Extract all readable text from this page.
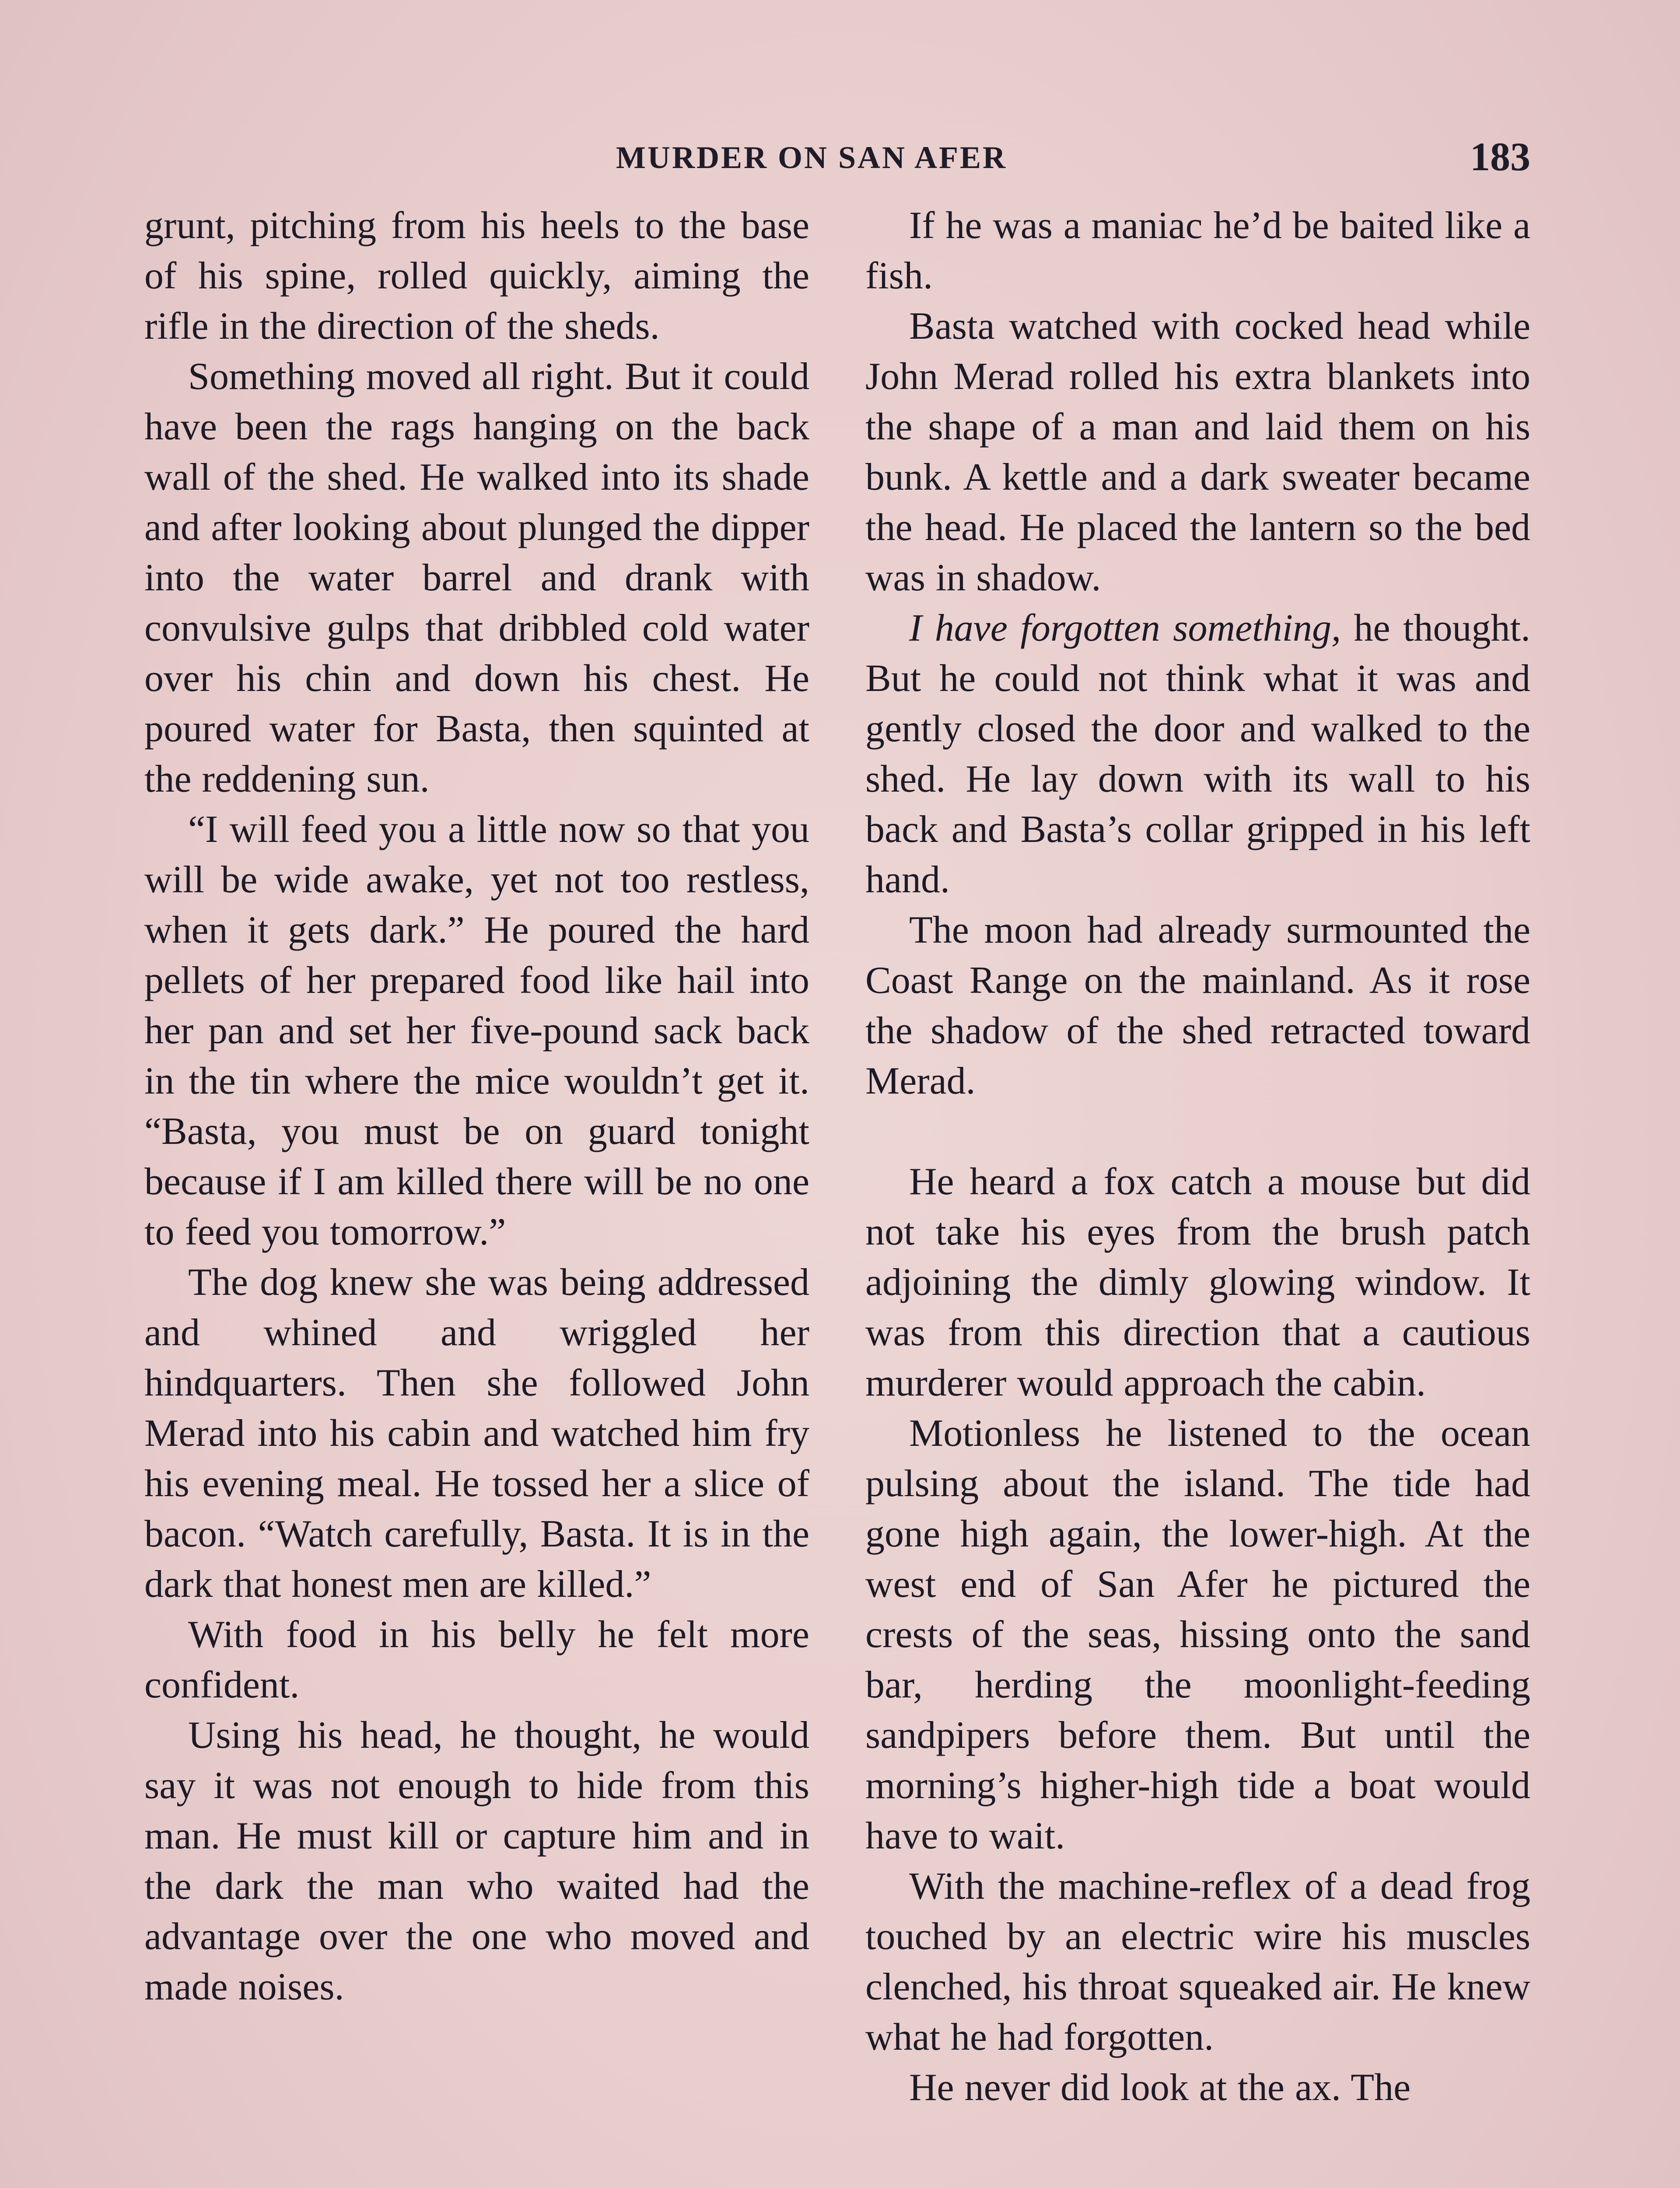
MURDER ON SAN AFER	183

grunt, pitching from his heels to the base of his spine, rolled quickly, aiming the rifle in the direction of the sheds.

Something moved all right. But it could have been the rags hanging on the back wall of the shed. He walked into its shade and after looking about plunged the dipper into the water barrel and drank with convulsive gulps that dribbled cold water over his chin and down his chest. He poured water for Basta, then squinted at the reddening sun.

“I will feed you a little now so that you will be wide awake, yet not too restless, when it gets dark.” He poured the hard pellets of her prepared food like hail into her pan and set her five-pound sack back in the tin where the mice wouldn’t get it. “Basta, you must be on guard tonight because if I am killed there will be no one to feed you tomorrow.”

The dog knew she was being addressed and whined and wriggled her hindquarters. Then she followed John Merad into his cabin and watched him fry his evening meal. He tossed her a slice of bacon. “Watch carefully, Basta. It is in the dark that honest men are killed.”

With food in his belly he felt more confident.

Using his head, he thought, he would say it was not enough to hide from this man. He must kill or capture him and in the dark the man who waited had the advantage over the one who moved and made noises.

If he was a maniac he’d be baited like a fish.

Basta watched with cocked head while John Merad rolled his extra blankets into the shape of a man and laid them on his bunk. A kettle and a dark sweater became the head. He placed the lantern so the bed was in shadow.

I have forgotten something, he thought. But he could not think what it was and gently closed the door and walked to the shed. He lay down with its wall to his back and Basta’s collar gripped in his left hand.

The moon had already surmounted the Coast Range on the mainland. As it rose the shadow of the shed retracted toward Merad.

He heard a fox catch a mouse but did not take his eyes from the brush patch adjoining the dimly glowing window. It was from this direction that a cautious murderer would approach the cabin.

Motionless he listened to the ocean pulsing about the island. The tide had gone high again, the lower-high. At the west end of San Afer he pictured the crests of the seas, hissing onto the sand bar, herding the moonlight-feeding sandpipers before them. But until the morning’s higher-high tide a boat would have to wait.

With the machine-reflex of a dead frog touched by an electric wire his muscles clenched, his throat squeaked air. He knew what he had forgotten.

He never did look at the ax. The
